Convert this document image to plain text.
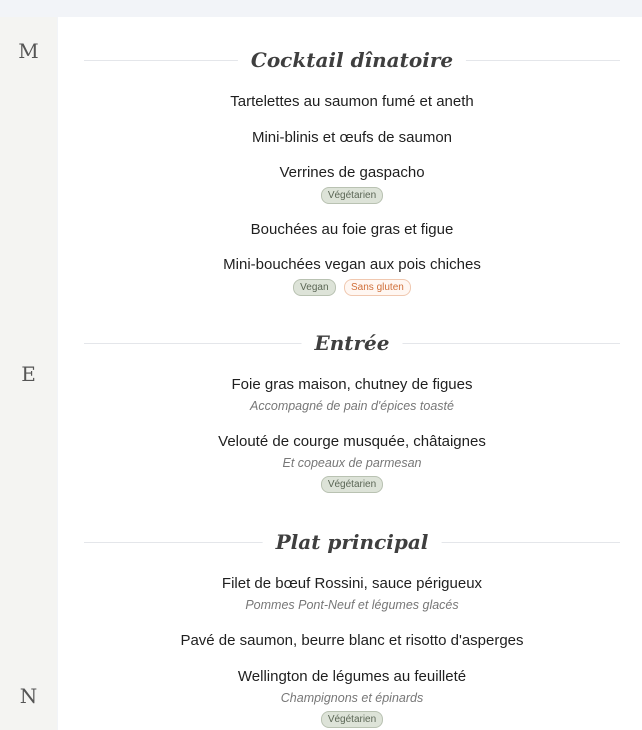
M
E
N
Cocktail dînatoire
Tartelettes au saumon fumé et aneth
Mini-blinis et œufs de saumon
Verrines de gaspacho
Végétarien
Bouchées au foie gras et figue
Mini-bouchées vegan aux pois chiches
Vegan Sans gluten
Entrée
Foie gras maison, chutney de figues
Accompagné de pain d'épices toasté
Velouté de courge musquée, châtaignes
Et copeaux de parmesan
Végétarien
Plat principal
Filet de bœuf Rossini, sauce périgueux
Pommes Pont-Neuf et légumes glacés
Pavé de saumon, beurre blanc et risotto d'asperges
Wellington de légumes au feuilleté
Champignons et épinards
Végétarien
